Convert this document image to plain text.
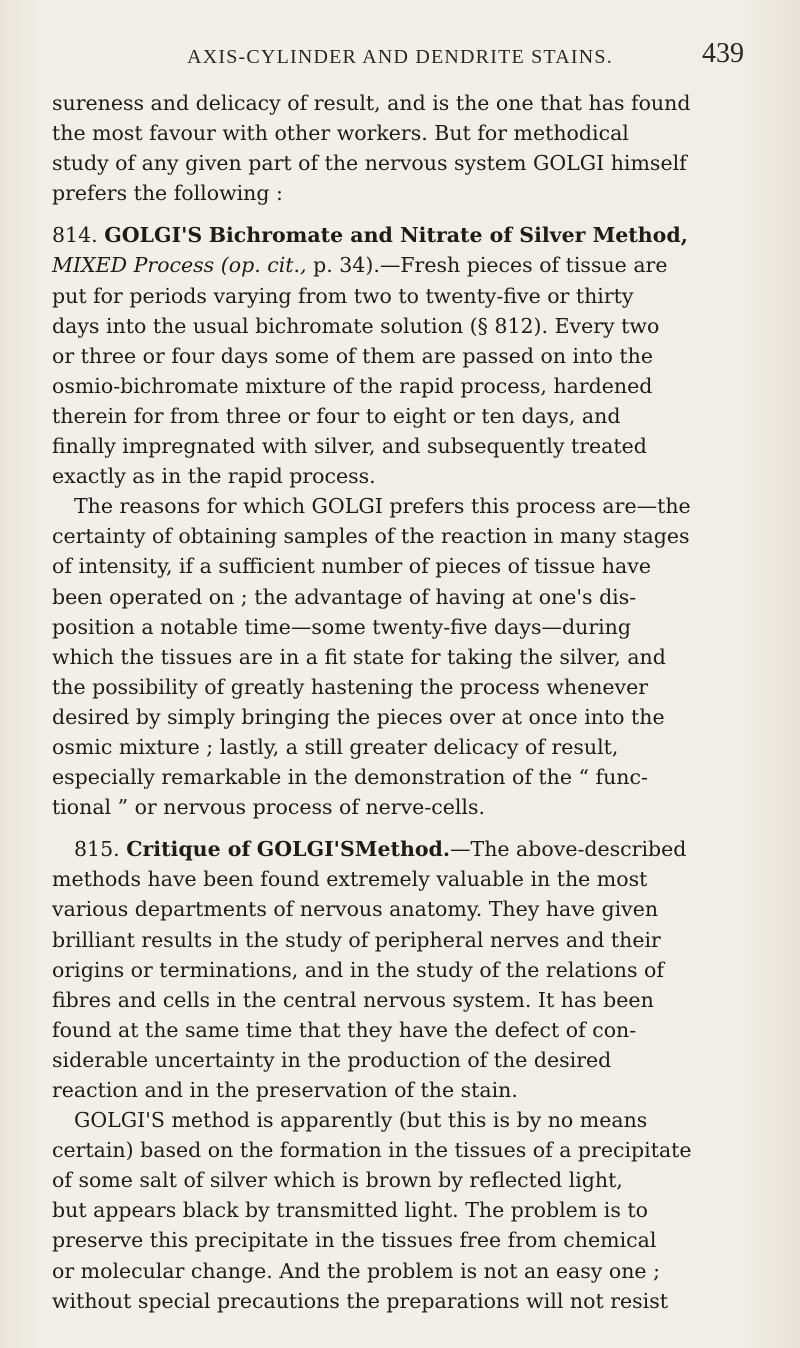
AXIS-CYLINDER AND DENDRITE STAINS.	439
sureness and delicacy of result, and is the one that has found
the most favour with other workers. But for methodical
study of any given part of the nervous system GOLGI himself
prefers the following :
814. GOLGI'S Bichromate and Nitrate of Silver Method,
MIXED Process (op. cit., p. 34).—Fresh pieces of tissue are
put for periods varying from two to twenty-five or thirty
days into the usual bichromate solution (§ 812). Every two
or three or four days some of them are passed on into the
osmio-bichromate mixture of the rapid process, hardened
therein for from three or four to eight or ten days, and
finally impregnated with silver, and subsequently treated
exactly as in the rapid process.
The reasons for which GOLGI prefers this process are—the
certainty of obtaining samples of the reaction in many stages
of intensity, if a sufficient number of pieces of tissue have
been operated on ; the advantage of having at one's dis-
position a notable time—some twenty-five days—during
which the tissues are in a fit state for taking the silver, and
the possibility of greatly hastening the process whenever
desired by simply bringing the pieces over at once into the
osmic mixture ; lastly, a still greater delicacy of result,
especially remarkable in the demonstration of the “ func-
tional ” or nervous process of nerve-cells.
815. Critique of GOLGI'SMethod.—The above-described
methods have been found extremely valuable in the most
various departments of nervous anatomy. They have given
brilliant results in the study of peripheral nerves and their
origins or terminations, and in the study of the relations of
fibres and cells in the central nervous system. It has been
found at the same time that they have the defect of con-
siderable uncertainty in the production of the desired
reaction and in the preservation of the stain.
GOLGI'S method is apparently (but this is by no means
certain) based on the formation in the tissues of a precipitate
of some salt of silver which is brown by reflected light,
but appears black by transmitted light. The problem is to
preserve this precipitate in the tissues free from chemical
or molecular change. And the problem is not an easy one ;
without special precautions the preparations will not resist
